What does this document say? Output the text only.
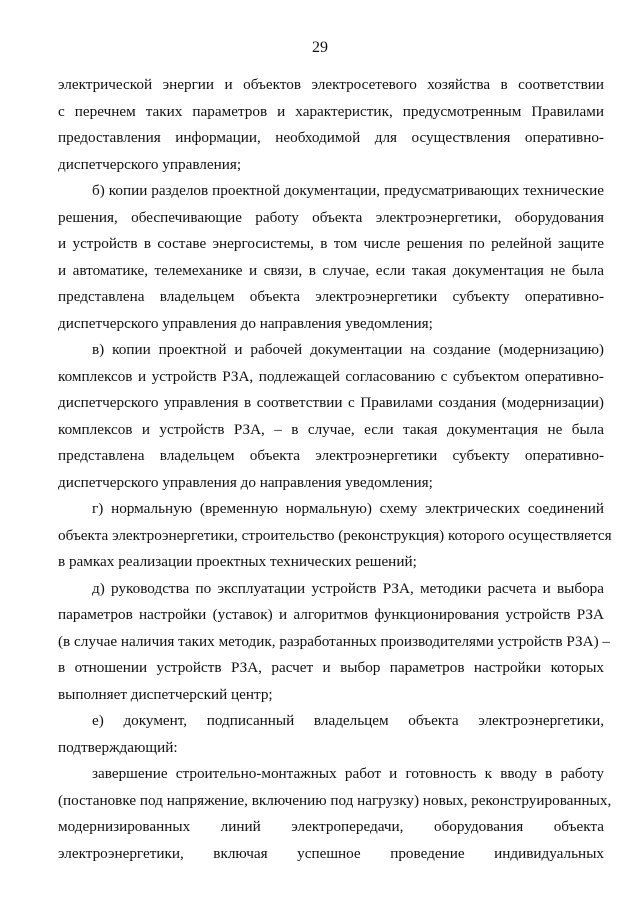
29

электрической энергии и объектов электросетевого хозяйства в соответствии
с перечнем таких параметров и характеристик, предусмотренным Правилами
предоставления информации, необходимой для осуществления оперативно-
диспетчерского управления;

б) копии разделов проектной документации, предусматривающих технические
решения, обеспечивающие работу объекта электроэнергетики, оборудования
и устройств в составе энергосистемы, в том числе решения по релейной защите
и автоматике, телемеханике и связи, в случае, если такая документация не была
представлена владельцем объекта электроэнергетики субъекту оперативно-
диспетчерского управления до направления уведомления;

в) копии проектной и рабочей документации на создание (модернизацию)
комплексов и устройств РЗА, подлежащей согласованию с субъектом оперативно-
диспетчерского управления в соответствии с Правилами создания (модернизации)
комплексов и устройств РЗА, – в случае, если такая документация не была
представлена владельцем объекта электроэнергетики субъекту оперативно-
диспетчерского управления до направления уведомления;

г) нормальную (временную нормальную) схему электрических соединений
объекта электроэнергетики, строительство (реконструкция) которого осуществляется
в рамках реализации проектных технических решений;

д) руководства по эксплуатации устройств РЗА, методики расчета и выбора
параметров настройки (уставок) и алгоритмов функционирования устройств РЗА
(в случае наличия таких методик, разработанных производителями устройств РЗА) –
в отношении устройств РЗА, расчет и выбор параметров настройки которых
выполняет диспетчерский центр;

е) документ, подписанный владельцем объекта электроэнергетики,
подтверждающий:

завершение строительно-монтажных работ и готовность к вводу в работу
(постановке под напряжение, включению под нагрузку) новых, реконструированных,
модернизированных линий электропередачи, оборудования объекта
электроэнергетики, включая успешное проведение индивидуальных
